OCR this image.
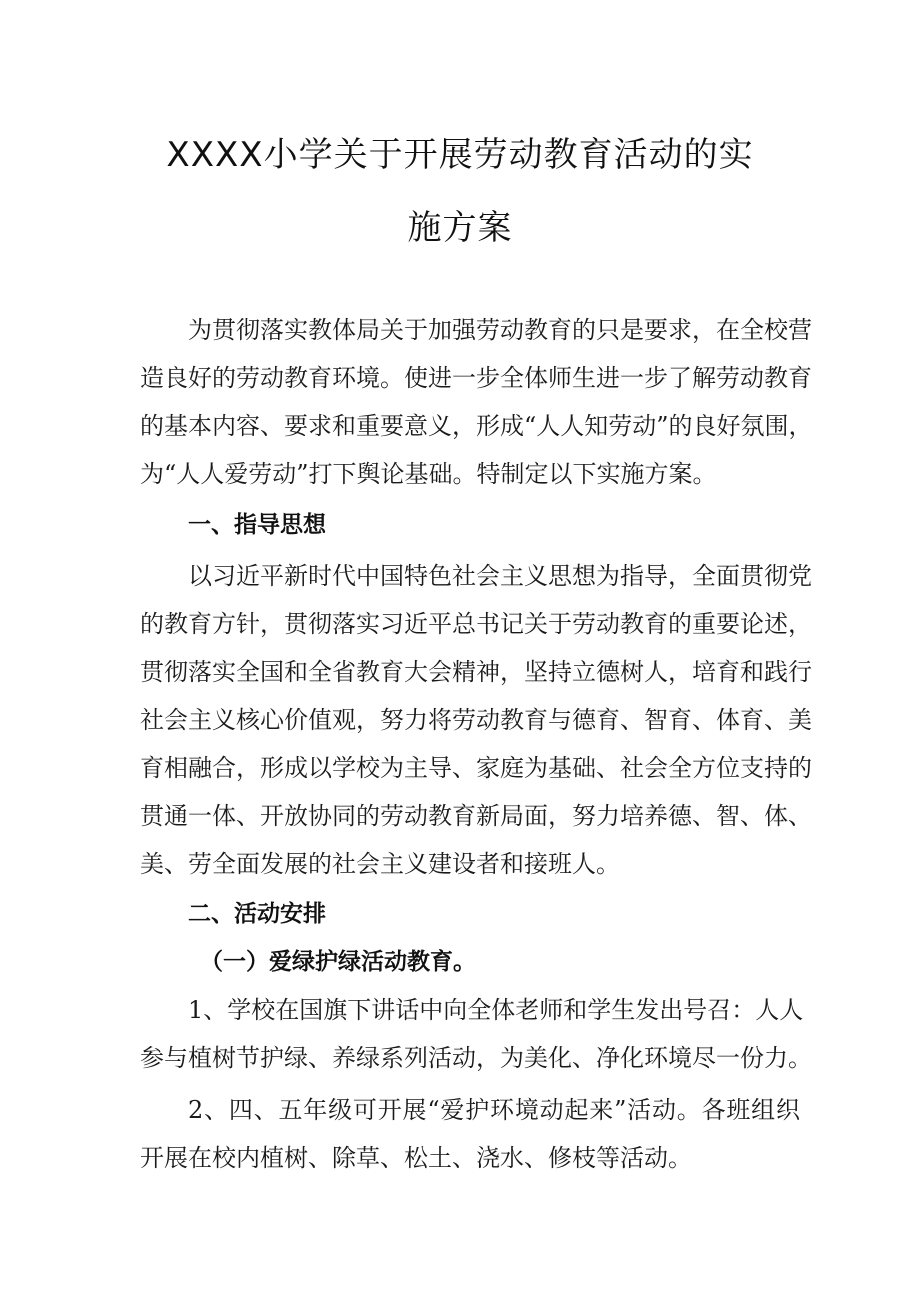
XXXX小学关于开展劳动教育活动的实
施方案
为贯彻落实教体局关于加强劳动教育的只是要求，在全校营
造良好的劳动教育环境。使进一步全体师生进一步了解劳动教育
的基本内容、要求和重要意义，形成“人人知劳动”的良好氛围，
为“人人爱劳动”打下舆论基础。特制定以下实施方案。
一、指导思想
以习近平新时代中国特色社会主义思想为指导，全面贯彻党
的教育方针，贯彻落实习近平总书记关于劳动教育的重要论述，
贯彻落实全国和全省教育大会精神，坚持立德树人，培育和践行
社会主义核心价值观，努力将劳动教育与德育、智育、体育、美
育相融合，形成以学校为主导、家庭为基础、社会全方位支持的
贯通一体、开放协同的劳动教育新局面，努力培养德、智、体、
美、劳全面发展的社会主义建设者和接班人。
二、活动安排
（一）爱绿护绿活动教育。
1、学校在国旗下讲话中向全体老师和学生发出号召：人人
参与植树节护绿、养绿系列活动，为美化、净化环境尽一份力。
2、四、五年级可开展“爱护环境动起来”活动。各班组织
开展在校内植树、除草、松土、浇水、修枝等活动。
